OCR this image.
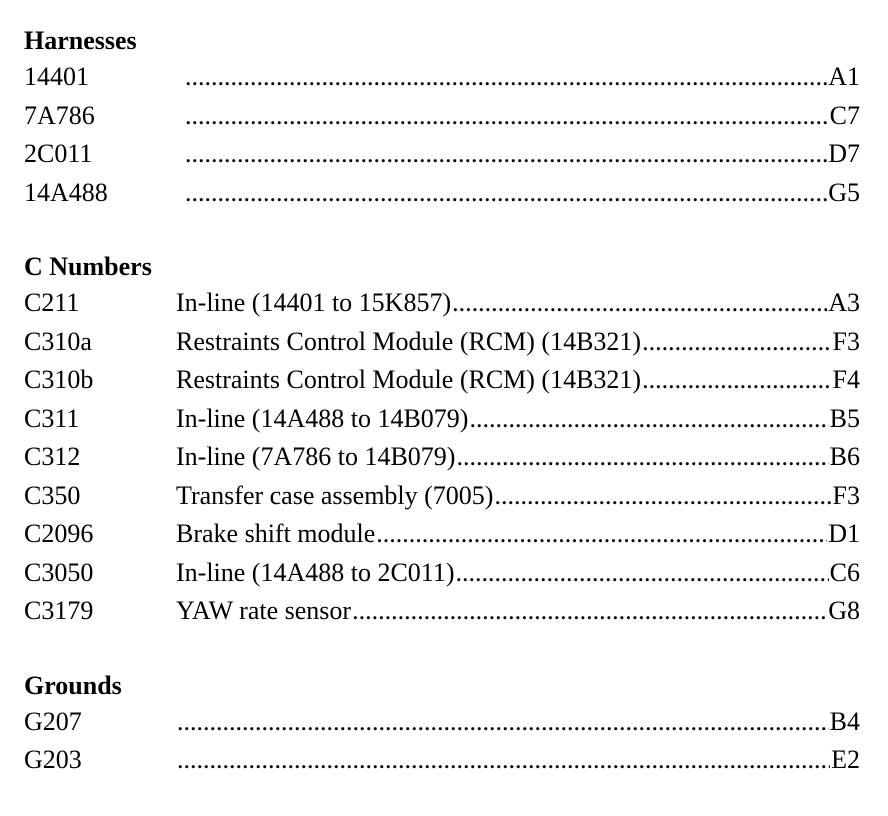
Harnesses
14401 .....	A1
7A786 .....	C7
2C011 .....	D7
14A488 .....	G5
C Numbers
C211	In-line (14401 to 15K857) .....	A3
C310a	Restraints Control Module (RCM) (14B321) .....	F3
C310b	Restraints Control Module (RCM) (14B321) .....	F4
C311	In-line (14A488 to 14B079) .....	B5
C312	In-line (7A786 to 14B079) .....	B6
C350	Transfer case assembly (7005) .....	F3
C2096	Brake shift module .....	D1
C3050	In-line (14A488 to 2C011) .....	C6
C3179	YAW rate sensor .....	G8
Grounds
G207 .....	B4
G203 .....	E2
